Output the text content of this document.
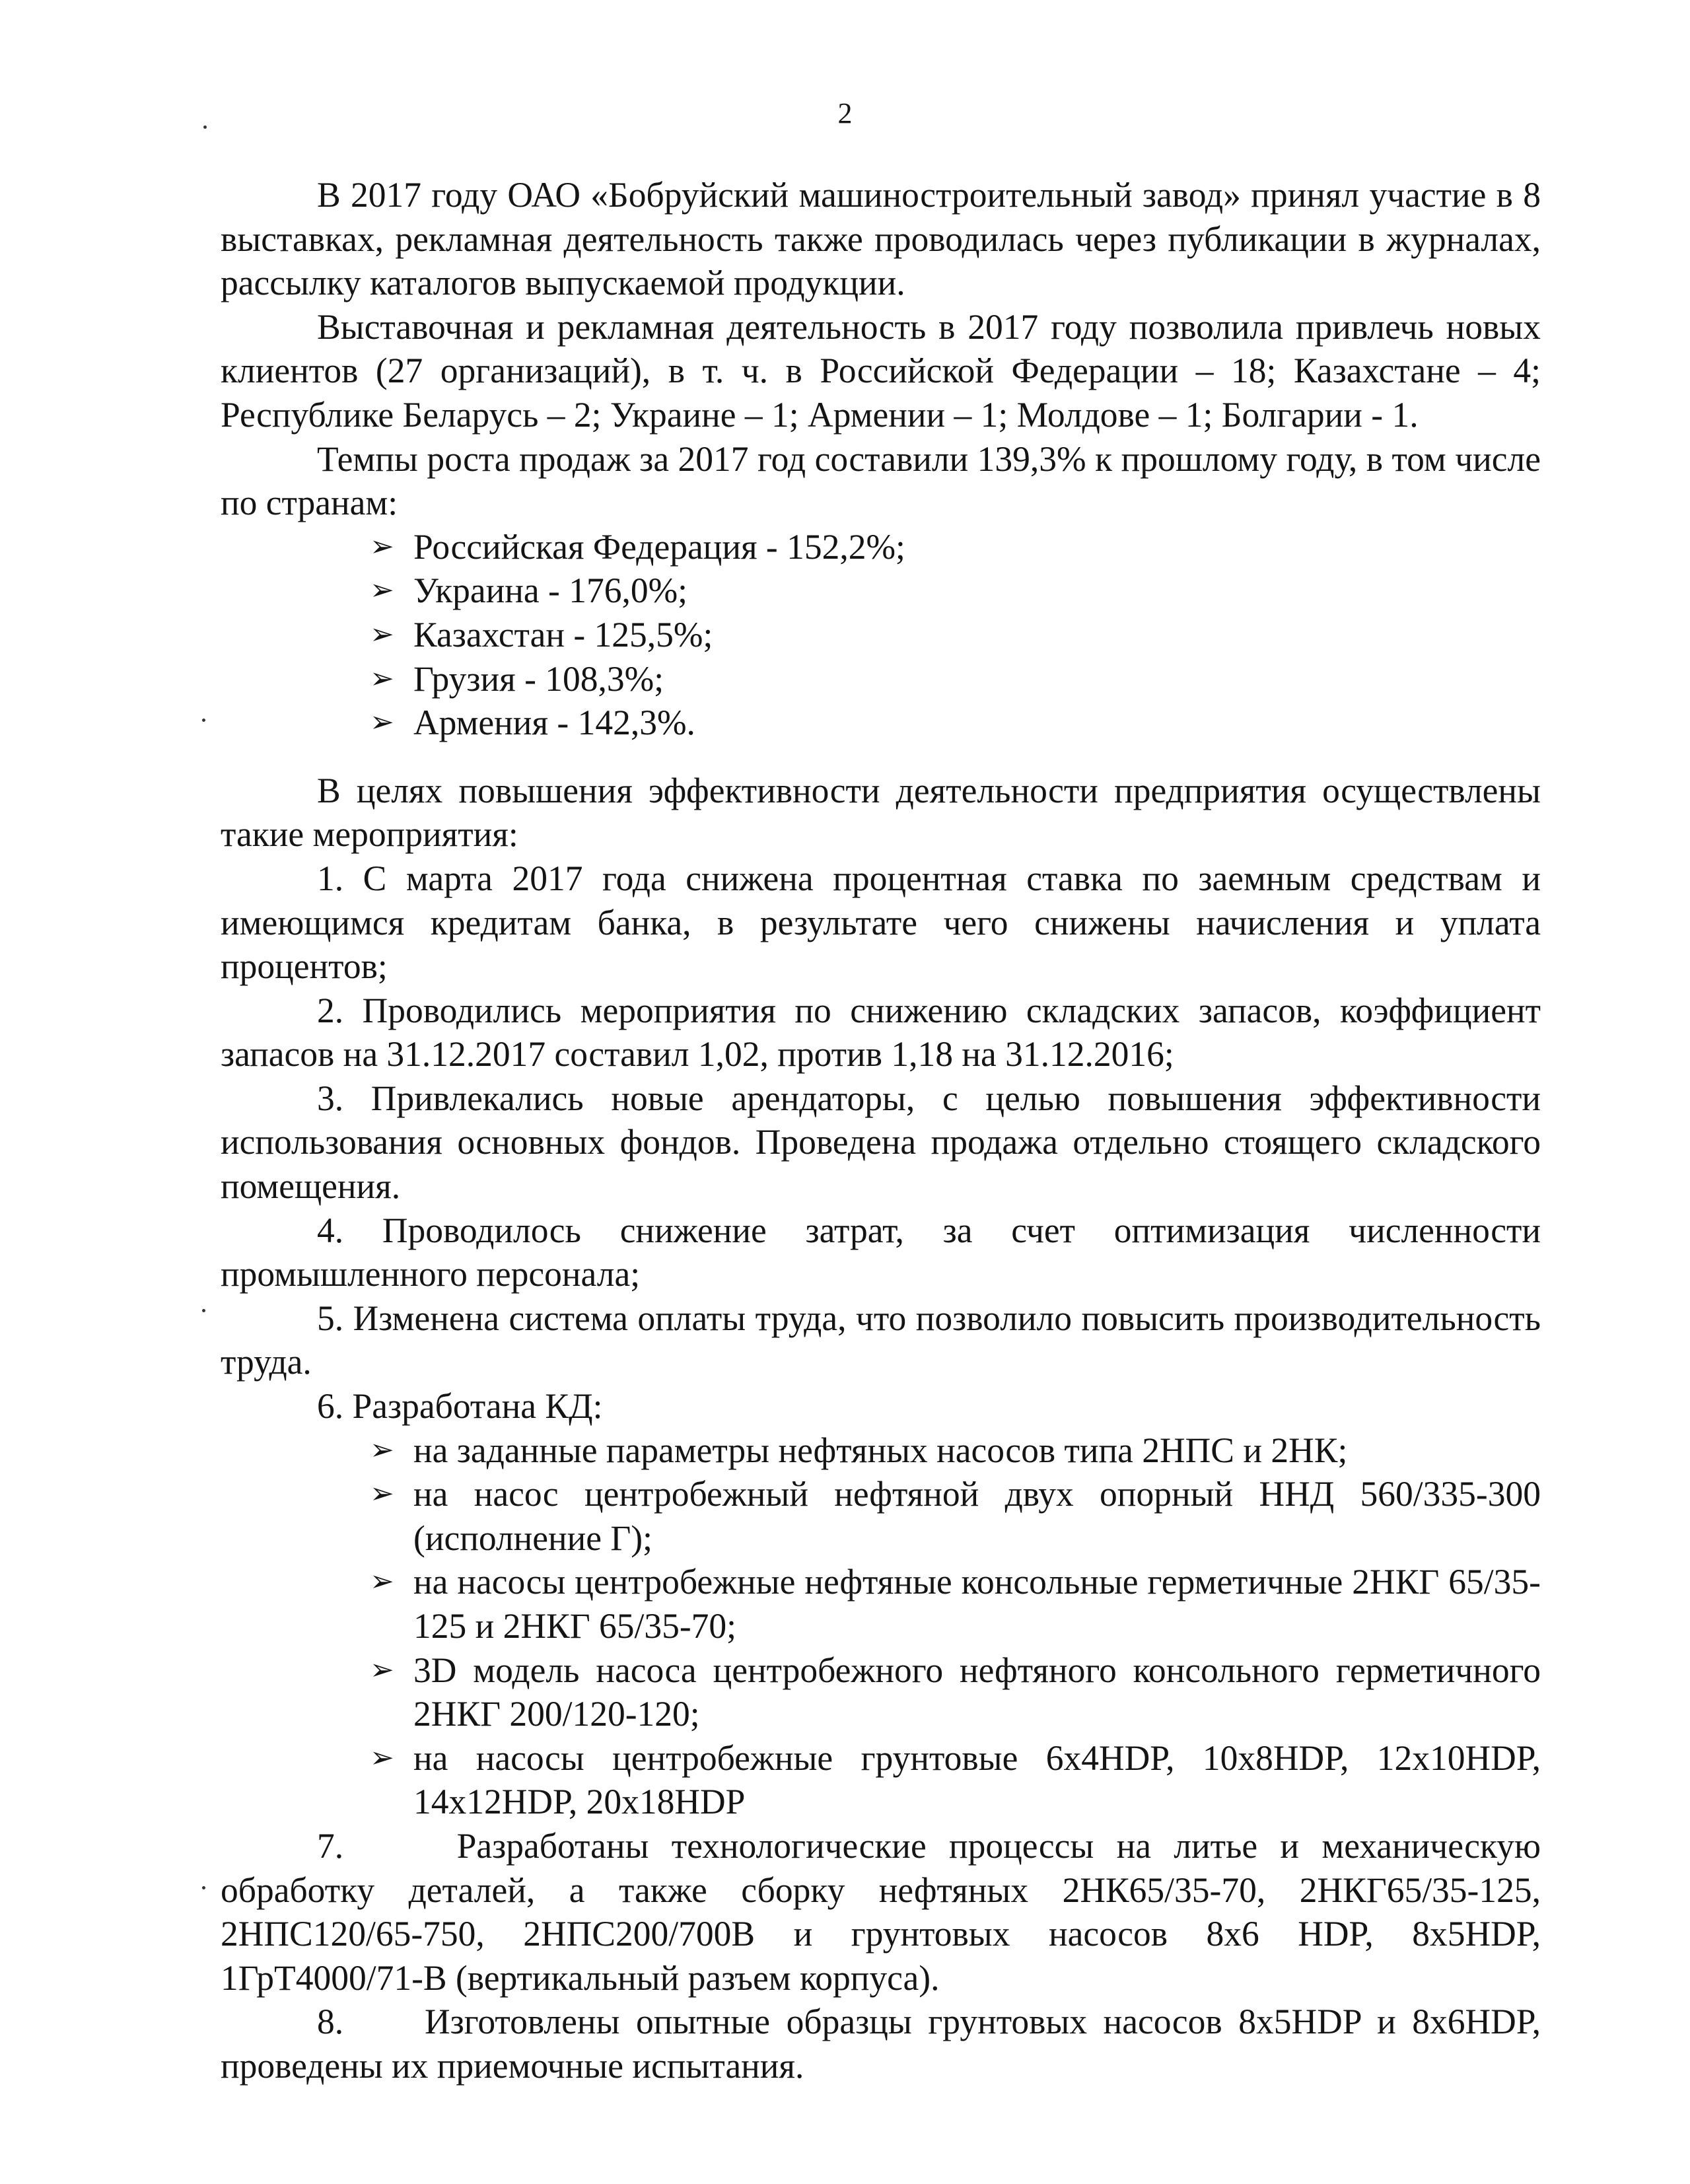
2

В 2017 году ОАО «Бобруйский машиностроительный завод» принял участие в 8 выставках, рекламная деятельность также проводилась через публикации в журналах, рассылку каталогов выпускаемой продукции.

Выставочная и рекламная деятельность в 2017 году позволила привлечь новых клиентов (27 организаций), в т. ч. в Российской Федерации – 18; Казахстане – 4; Республике Беларусь – 2; Украине – 1; Армении – 1; Молдове – 1; Болгарии - 1.

Темпы роста продаж за 2017 год составили 139,3% к прошлому году, в том числе по странам:

➢ Российская Федерация - 152,2%;
➢ Украина - 176,0%;
➢ Казахстан - 125,5%;
➢ Грузия - 108,3%;
➢ Армения - 142,3%.

В целях повышения эффективности деятельности предприятия осуществлены такие мероприятия:

1. С марта 2017 года снижена процентная ставка по заемным средствам и имеющимся кредитам банка, в результате чего снижены начисления и уплата процентов;

2. Проводились мероприятия по снижению складских запасов, коэффициент запасов на 31.12.2017 составил 1,02, против 1,18 на 31.12.2016;

3. Привлекались новые арендаторы, с целью повышения эффективности использования основных фондов. Проведена продажа отдельно стоящего складского помещения.

4. Проводилось снижение затрат, за счет оптимизация численности промышленного персонала;

5. Изменена система оплаты труда, что позволило повысить производительность труда.

6. Разработана КД:

➢ на заданные параметры нефтяных насосов типа 2НПС и 2НК;
➢ на насос центробежный нефтяной двух опорный ННД 560/335-300 (исполнение Г);
➢ на насосы центробежные нефтяные консольные герметичные 2НКГ 65/35-125 и 2НКГ 65/35-70;
➢ 3D модель насоса центробежного нефтяного консольного герметичного 2НКГ 200/120-120;
➢ на насосы центробежные грунтовые 6х4HDP, 10х8HDP, 12х10HDP, 14х12HDP, 20х18HDP

7.     Разработаны технологические процессы на литье и механическую обработку деталей, а также сборку нефтяных 2НК65/35-70, 2НКГ65/35-125, 2НПС120/65-750, 2НПС200/700В и грунтовых насосов 8х6 HDP, 8х5HDP, 1ГрТ4000/71-В (вертикальный разъем корпуса).

8.     Изготовлены опытные образцы грунтовых насосов 8х5HDP и 8х6HDP, проведены их приемочные испытания.
